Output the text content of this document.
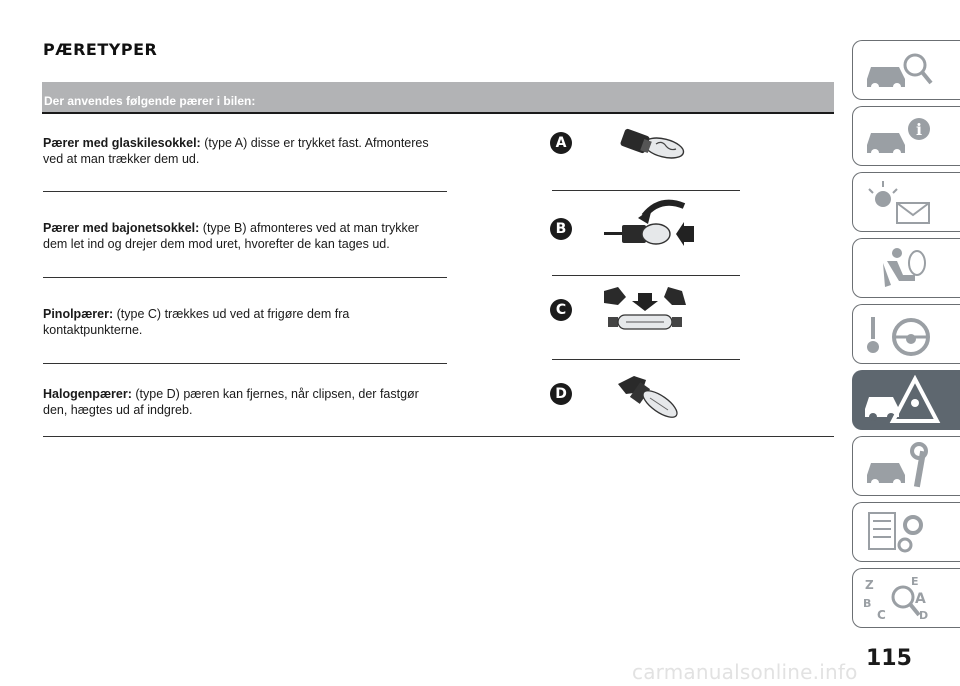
PÆRETYPER
Der anvendes følgende pærer i bilen:

Pærer med glaskilesokkel: (type A) disse er trykket fast. Afmonteres ved at man trækker dem ud.

A

Pærer med bajonetsokkel: (type B) afmonteres ved at man trykker dem let ind og drejer dem mod uret, hvorefter de kan tages ud.

B

Pinolpærer: (type C) trækkes ud ved at frigøre dem fra kontaktpunkterne.

C

Halogenpærer: (type D) pæren kan fjernes, når clipsen, der fastgør den, hægtes ud af indgreb.

D
i
Z	E
B	A
C	D
115
carmanualsonline.info
